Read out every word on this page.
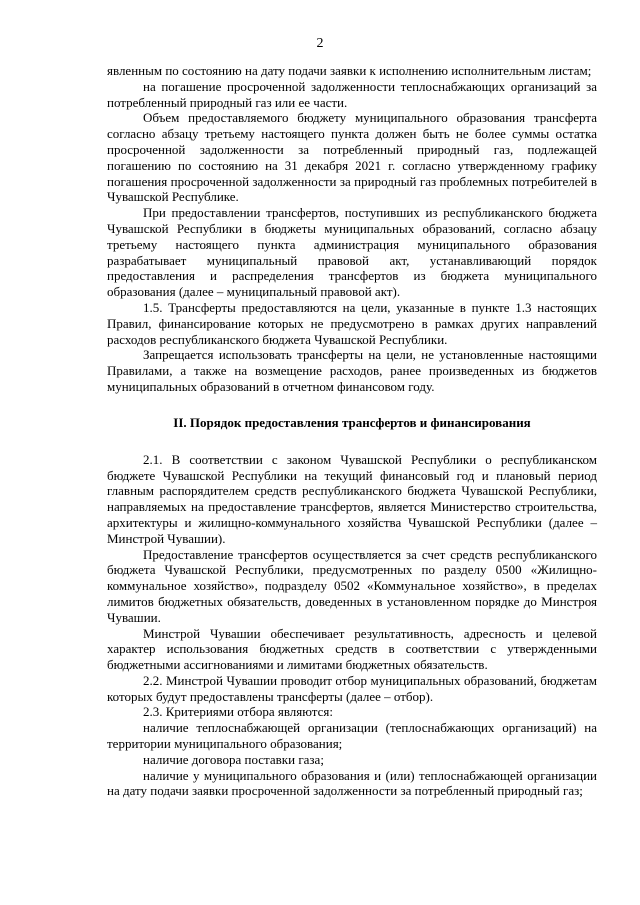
2

явленным по состоянию на дату подачи заявки к исполнению исполнительным листам;

на погашение просроченной задолженности теплоснабжающих организаций за потребленный природный газ или ее части.

Объем предоставляемого бюджету муниципального образования трансферта согласно абзацу третьему настоящего пункта должен быть не более суммы остатка просроченной задолженности за потребленный природный газ, подлежащей погашению по состоянию на 31 декабря 2021 г. согласно утвержденному графику погашения просроченной задолженности за природный газ проблемных потребителей в Чувашской Республике.

При предоставлении трансфертов, поступивших из республиканского бюджета Чувашской Республики в бюджеты муниципальных образований, согласно абзацу третьему настоящего пункта администрация муниципального образования разрабатывает муниципальный правовой акт, устанавливающий порядок предоставления и распределения трансфертов из бюджета муниципального образования (далее – муниципальный правовой акт).

1.5. Трансферты предоставляются на цели, указанные в пункте 1.3 настоящих Правил, финансирование которых не предусмотрено в рамках других направлений расходов республиканского бюджета Чувашской Республики.

Запрещается использовать трансферты на цели, не установленные настоящими Правилами, а также на возмещение расходов, ранее произведенных из бюджетов муниципальных образований в отчетном финансовом году.

II. Порядок предоставления трансфертов и финансирования

2.1. В соответствии с законом Чувашской Республики о республиканском бюджете Чувашской Республики на текущий финансовый год и плановый период главным распорядителем средств республиканского бюджета Чувашской Республики, направляемых на предоставление трансфертов, является Министерство строительства, архитектуры и жилищно-коммунального хозяйства Чувашской Республики (далее – Минстрой Чувашии).

Предоставление трансфертов осуществляется за счет средств республиканского бюджета Чувашской Республики, предусмотренных по разделу 0500 «Жилищно-коммунальное хозяйство», подразделу 0502 «Коммунальное хозяйство», в пределах лимитов бюджетных обязательств, доведенных в установленном порядке до Минстроя Чувашии.

Минстрой Чувашии обеспечивает результативность, адресность и целевой характер использования бюджетных средств в соответствии с утвержденными бюджетными ассигнованиями и лимитами бюджетных обязательств.

2.2. Минстрой Чувашии проводит отбор муниципальных образований, бюджетам которых будут предоставлены трансферты (далее – отбор).

2.3. Критериями отбора являются:

наличие теплоснабжающей организации (теплоснабжающих организаций) на территории муниципального образования;

наличие договора поставки газа;

наличие у муниципального образования и (или) теплоснабжающей организации на дату подачи заявки просроченной задолженности за потребленный природный газ;
